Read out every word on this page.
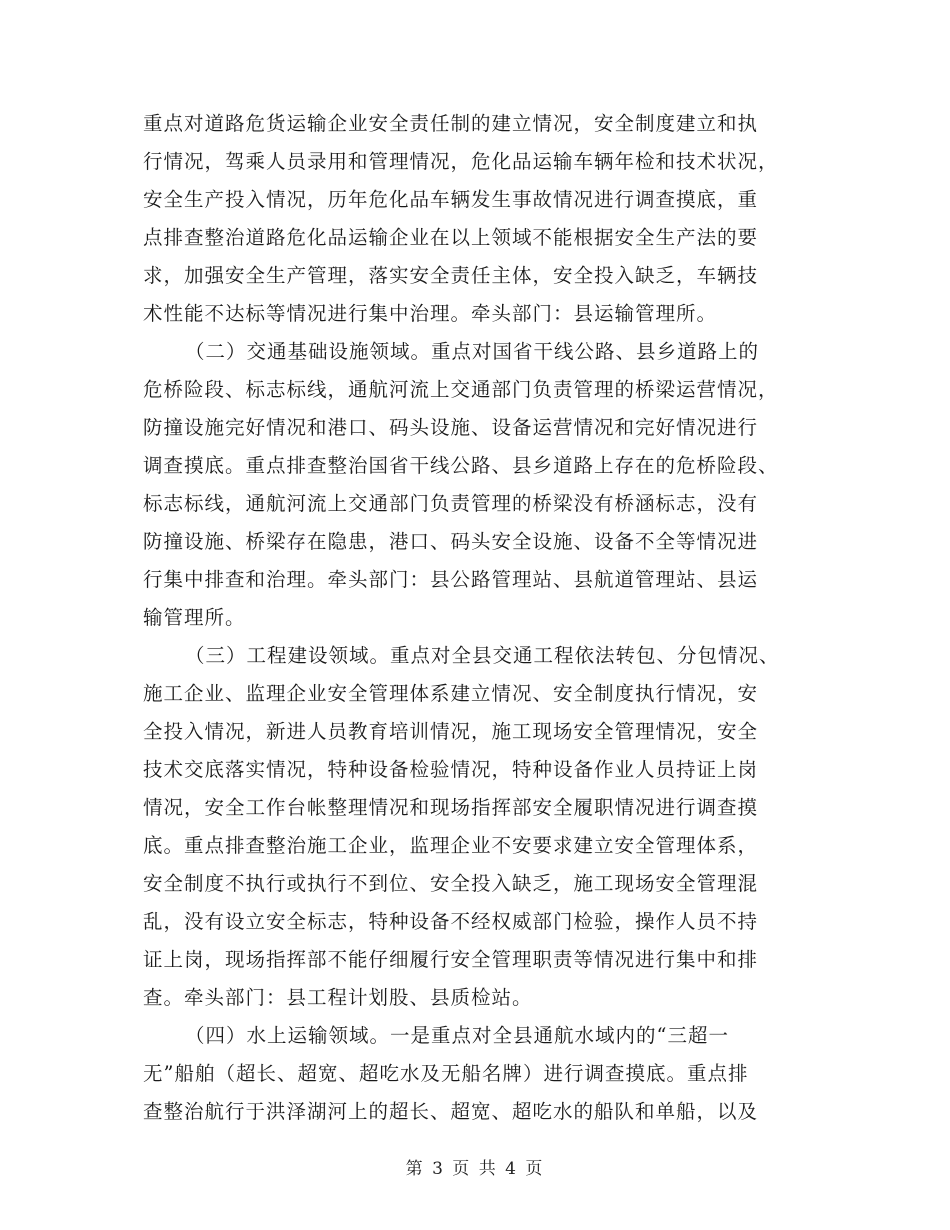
重点对道路危货运输企业安全责任制的建立情况，安全制度建立和执
行情况，驾乘人员录用和管理情况，危化品运输车辆年检和技术状况，
安全生产投入情况，历年危化品车辆发生事故情况进行调查摸底，重
点排查整治道路危化品运输企业在以上领域不能根据安全生产法的要
求，加强安全生产管理，落实安全责任主体，安全投入缺乏，车辆技
术性能不达标等情况进行集中治理。牵头部门：县运输管理所。
（二）交通基础设施领域。重点对国省干线公路、县乡道路上的
危桥险段、标志标线，通航河流上交通部门负责管理的桥梁运营情况，
防撞设施完好情况和港口、码头设施、设备运营情况和完好情况进行
调查摸底。重点排查整治国省干线公路、县乡道路上存在的危桥险段、
标志标线，通航河流上交通部门负责管理的桥梁没有桥涵标志，没有
防撞设施、桥梁存在隐患，港口、码头安全设施、设备不全等情况进
行集中排查和治理。牵头部门：县公路管理站、县航道管理站、县运
输管理所。
（三）工程建设领域。重点对全县交通工程依法转包、分包情况、
施工企业、监理企业安全管理体系建立情况、安全制度执行情况，安
全投入情况，新进人员教育培训情况，施工现场安全管理情况，安全
技术交底落实情况，特种设备检验情况，特种设备作业人员持证上岗
情况，安全工作台帐整理情况和现场指挥部安全履职情况进行调查摸
底。重点排查整治施工企业，监理企业不安要求建立安全管理体系，
安全制度不执行或执行不到位、安全投入缺乏，施工现场安全管理混
乱，没有设立安全标志，特种设备不经权威部门检验，操作人员不持
证上岗，现场指挥部不能仔细履行安全管理职责等情况进行集中和排
查。牵头部门：县工程计划股、县质检站。
（四）水上运输领域。一是重点对全县通航水域内的“三超一
无”船舶（超长、超宽、超吃水及无船名牌）进行调查摸底。重点排
查整治航行于洪泽湖河上的超长、超宽、超吃水的船队和单船，以及
第 3 页 共 4 页
